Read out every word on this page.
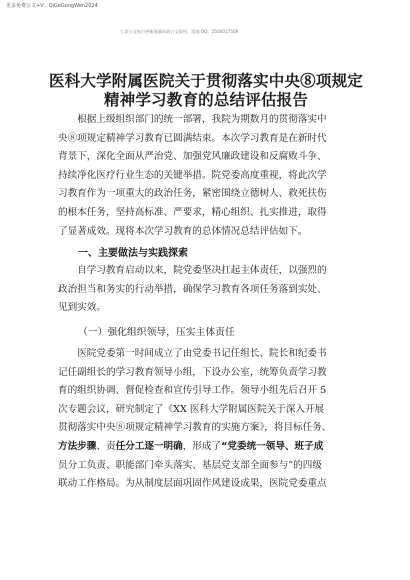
更多免费公文+V：QiGeGongWen2024
七哥公文每日更新海量时政公文资料，添加 QQ：2500017509
医科大学附属医院关于贯彻落实中央⑧项规定
精神学习教育的总结评估报告
根据上级组织部门的统一部署，我院为期数月的贯彻落实中
央⑧项规定精神学习教育已圆满结束。本次学习教育是在新时代
背景下，深化全面从严治党、加强党风廉政建设和反腐败斗争、
持续净化医疗行业生态的关键举措。院党委高度重视，将此次学
习教育作为一项重大的政治任务，紧密围绕立德树人、救死扶伤
的根本任务，坚持高标准、严要求，精心组织、扎实推进，取得
了显著成效。现将本次学习教育的总体情况总结评估如下。
一、主要做法与实践探索
自学习教育启动以来，院党委坚决扛起主体责任，以强烈的
政治担当和务实的行动举措，确保学习教育各项任务落到实处、
见到实效。
（一）强化组织领导，压实主体责任
医院党委第一时间成立了由党委书记任组长、院长和纪委书
记任副组长的学习教育领导小组，下设办公室，统筹负责学习教
育的组织协调、督促检查和宣传引导工作。领导小组先后召开 5
次专题会议，研究制定了《XX 医科大学附属医院关于深入开展
贯彻落实中央⑧项规定精神学习教育的实施方案》，将目标任务、
方法步骤、责任分工逐一明确，形成了“党委统一领导、班子成
员分工负责、职能部门牵头落实、基层党支部全面参与”的四级
联动工作格局。为从制度层面巩固作风建设成果，医院党委重点
